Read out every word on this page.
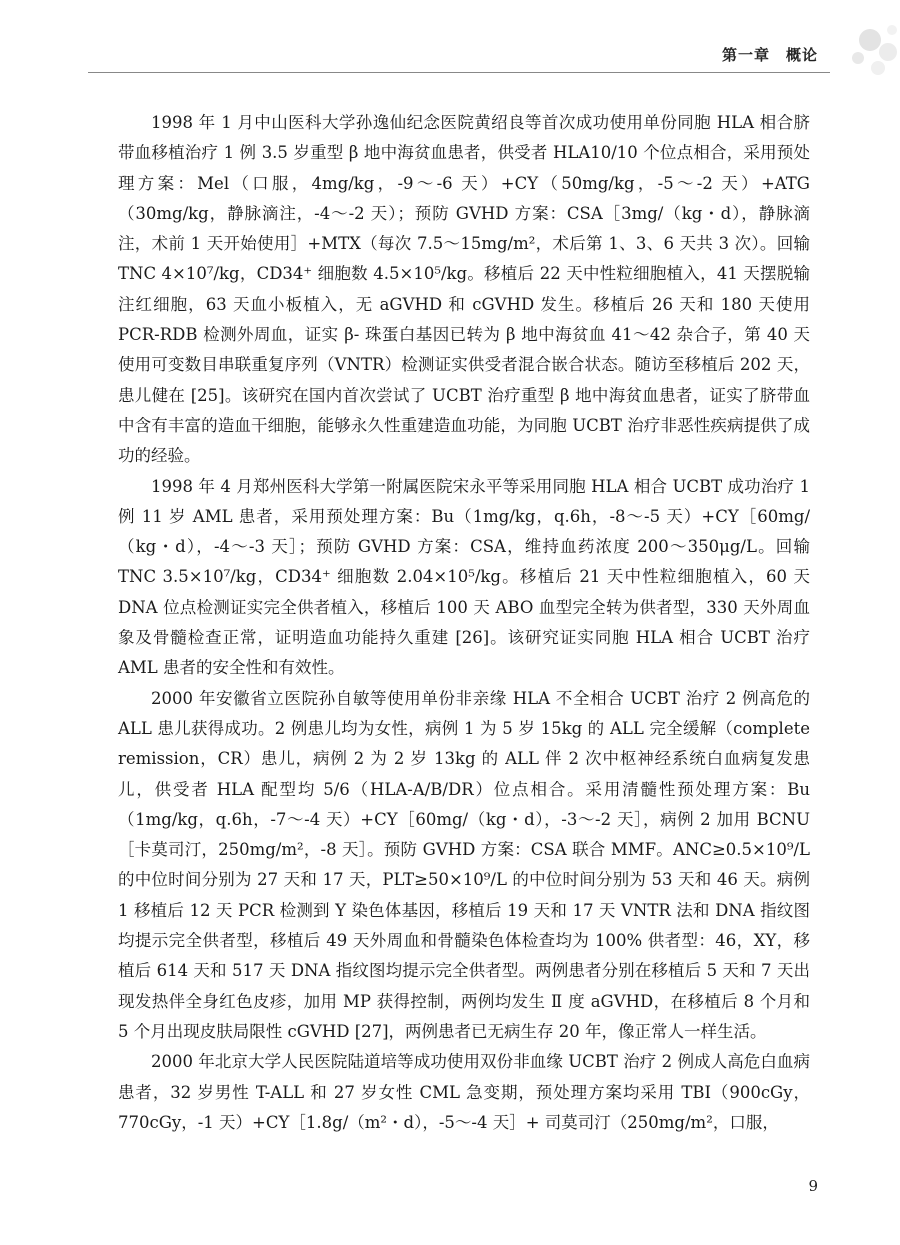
第一章　概论

1998 年 1 月中山医科大学孙逸仙纪念医院黄绍良等首次成功使用单份同胞 HLA 相合脐带血移植治疗 1 例 3.5 岁重型 β 地中海贫血患者，供受者 HLA10/10 个位点相合，采用预处理方案：Mel（口服，4mg/kg，-9～-6 天）+CY（50mg/kg，-5～-2 天）+ATG（30mg/kg，静脉滴注，-4～-2 天）；预防 GVHD 方案：CSA［3mg/（kg・d），静脉滴注，术前 1 天开始使用］+MTX（每次 7.5～15mg/m²，术后第 1、3、6 天共 3 次）。回输 TNC 4×10⁷/kg，CD34⁺ 细胞数 4.5×10⁵/kg。移植后 22 天中性粒细胞植入，41 天摆脱输注红细胞，63 天血小板植入，无 aGVHD 和 cGVHD 发生。移植后 26 天和 180 天使用 PCR-RDB 检测外周血，证实 β- 珠蛋白基因已转为 β 地中海贫血 41～42 杂合子，第 40 天使用可变数目串联重复序列（VNTR）检测证实供受者混合嵌合状态。随访至移植后 202 天，患儿健在 [25]。该研究在国内首次尝试了 UCBT 治疗重型 β 地中海贫血患者，证实了脐带血中含有丰富的造血干细胞，能够永久性重建造血功能，为同胞 UCBT 治疗非恶性疾病提供了成功的经验。

1998 年 4 月郑州医科大学第一附属医院宋永平等采用同胞 HLA 相合 UCBT 成功治疗 1 例 11 岁 AML 患者，采用预处理方案：Bu（1mg/kg，q.6h，-8～-5 天）+CY［60mg/（kg・d），-4～-3 天］；预防 GVHD 方案：CSA，维持血药浓度 200～350μg/L。回输 TNC 3.5×10⁷/kg，CD34⁺ 细胞数 2.04×10⁵/kg。移植后 21 天中性粒细胞植入，60 天 DNA 位点检测证实完全供者植入，移植后 100 天 ABO 血型完全转为供者型，330 天外周血象及骨髓检查正常，证明造血功能持久重建 [26]。该研究证实同胞 HLA 相合 UCBT 治疗 AML 患者的安全性和有效性。

2000 年安徽省立医院孙自敏等使用单份非亲缘 HLA 不全相合 UCBT 治疗 2 例高危的 ALL 患儿获得成功。2 例患儿均为女性，病例 1 为 5 岁 15kg 的 ALL 完全缓解（complete remission，CR）患儿，病例 2 为 2 岁 13kg 的 ALL 伴 2 次中枢神经系统白血病复发患儿，供受者 HLA 配型均 5/6（HLA-A/B/DR）位点相合。采用清髓性预处理方案：Bu（1mg/kg，q.6h，-7～-4 天）+CY［60mg/（kg・d），-3～-2 天］，病例 2 加用 BCNU［卡莫司汀，250mg/m²，-8 天］。预防 GVHD 方案：CSA 联合 MMF。ANC≥0.5×10⁹/L 的中位时间分别为 27 天和 17 天，PLT≥50×10⁹/L 的中位时间分别为 53 天和 46 天。病例 1 移植后 12 天 PCR 检测到 Y 染色体基因，移植后 19 天和 17 天 VNTR 法和 DNA 指纹图均提示完全供者型，移植后 49 天外周血和骨髓染色体检查均为 100% 供者型：46，XY，移植后 614 天和 517 天 DNA 指纹图均提示完全供者型。两例患者分别在移植后 5 天和 7 天出现发热伴全身红色皮疹，加用 MP 获得控制，两例均发生 Ⅱ 度 aGVHD，在移植后 8 个月和 5 个月出现皮肤局限性 cGVHD [27]，两例患者已无病生存 20 年，像正常人一样生活。

2000 年北京大学人民医院陆道培等成功使用双份非血缘 UCBT 治疗 2 例成人高危白血病患者，32 岁男性 T-ALL 和 27 岁女性 CML 急变期，预处理方案均采用 TBI（900cGy，770cGy，-1 天）+CY［1.8g/（m²・d），-5～-4 天］+ 司莫司汀（250mg/m²，口服，

9
